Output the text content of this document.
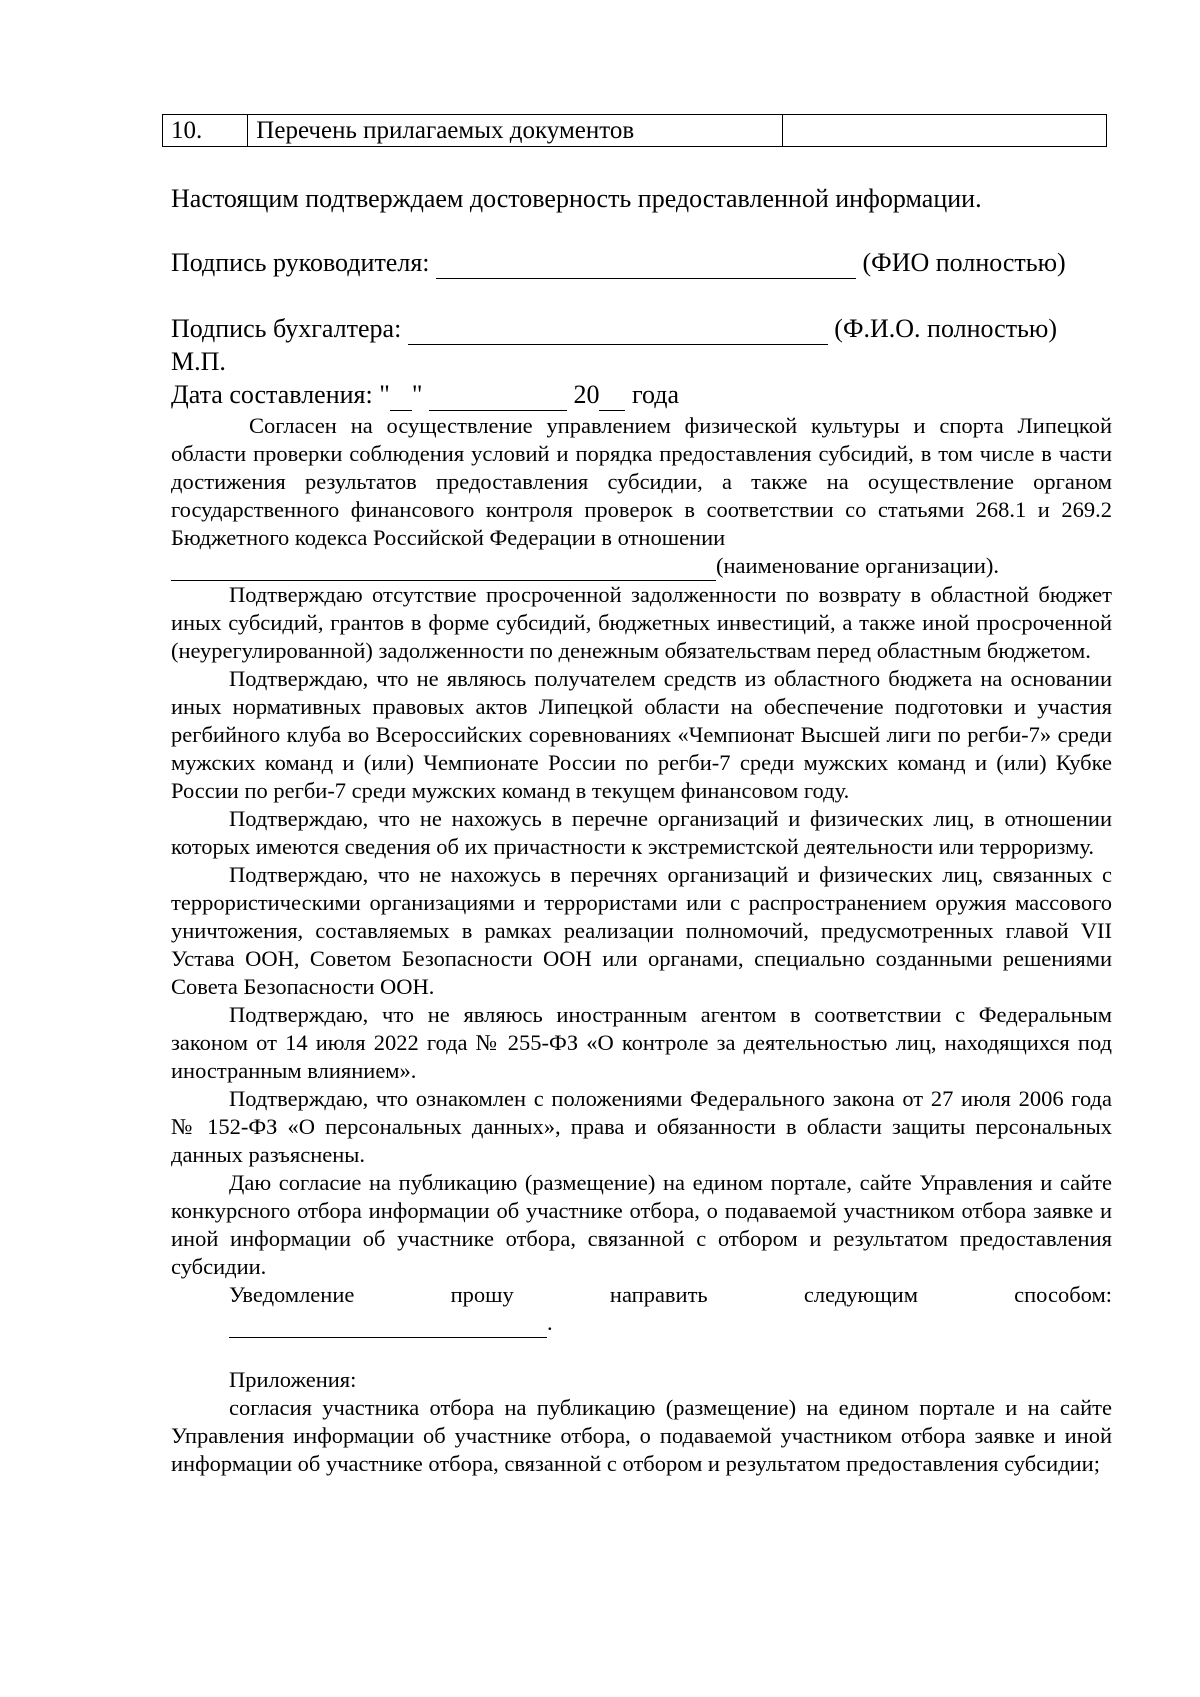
10.	Перечень прилагаемых документов	
Настоящим подтверждаем достоверность предоставленной информации.
Подпись руководителя:	(ФИО полностью)
Подпись бухгалтера:	(Ф.И.О. полностью)
М.П.
Дата составления: " "	20 года

Согласен на осуществление управлением физической культуры и спорта Липецкой области проверки соблюдения условий и порядка предоставления субсидий, в том числе в части достижения результатов предоставления субсидии, а также на осуществление органом государственного финансового контроля проверок в соответствии со статьями 268.1 и 269.2 Бюджетного кодекса Российской Федерации в отношении

(наименование организации).

Подтверждаю отсутствие просроченной задолженности по возврату в областной бюджет иных субсидий, грантов в форме субсидий, бюджетных инвестиций, а также иной просроченной (неурегулированной) задолженности по денежным обязательствам перед областным бюджетом.

Подтверждаю, что не являюсь получателем средств из областного бюджета на основании иных нормативных правовых актов Липецкой области на обеспечение подготовки и участия регбийного клуба во Всероссийских соревнованиях «Чемпионат Высшей лиги по регби-7» среди мужских команд и (или) Чемпионате России по регби-7 среди мужских команд и (или) Кубке России по регби-7 среди мужских команд в текущем финансовом году.

Подтверждаю, что не нахожусь в перечне организаций и физических лиц, в отношении которых имеются сведения об их причастности к экстремистской деятельности или терроризму.

Подтверждаю, что не нахожусь в перечнях организаций и физических лиц, связанных с террористическими организациями и террористами или с распространением оружия массового уничтожения, составляемых в рамках реализации полномочий, предусмотренных главой VII Устава ООН, Советом Безопасности ООН или органами, специально созданными решениями Совета Безопасности ООН.

Подтверждаю, что не являюсь иностранным агентом в соответствии с Федеральным законом от 14 июля 2022 года № 255-ФЗ «О контроле за деятельностью лиц, находящихся под иностранным влиянием».

Подтверждаю, что ознакомлен с положениями Федерального закона от 27 июля 2006 года № 152-ФЗ «О персональных данных», права и обязанности в области защиты персональных данных разъяснены.

Даю согласие на публикацию (размещение) на едином портале, сайте Управления и сайте конкурсного отбора информации об участнике отбора, о подаваемой участником отбора заявке и иной информации об участнике отбора, связанной с отбором и результатом предоставления субсидии.

Уведомление прошу направить следующим способом:

.
Приложения:

согласия участника отбора на публикацию (размещение) на едином портале и на сайте Управления информации об участнике отбора, о подаваемой участником отбора заявке и иной информации об участнике отбора, связанной с отбором и результатом предоставления субсидии;
